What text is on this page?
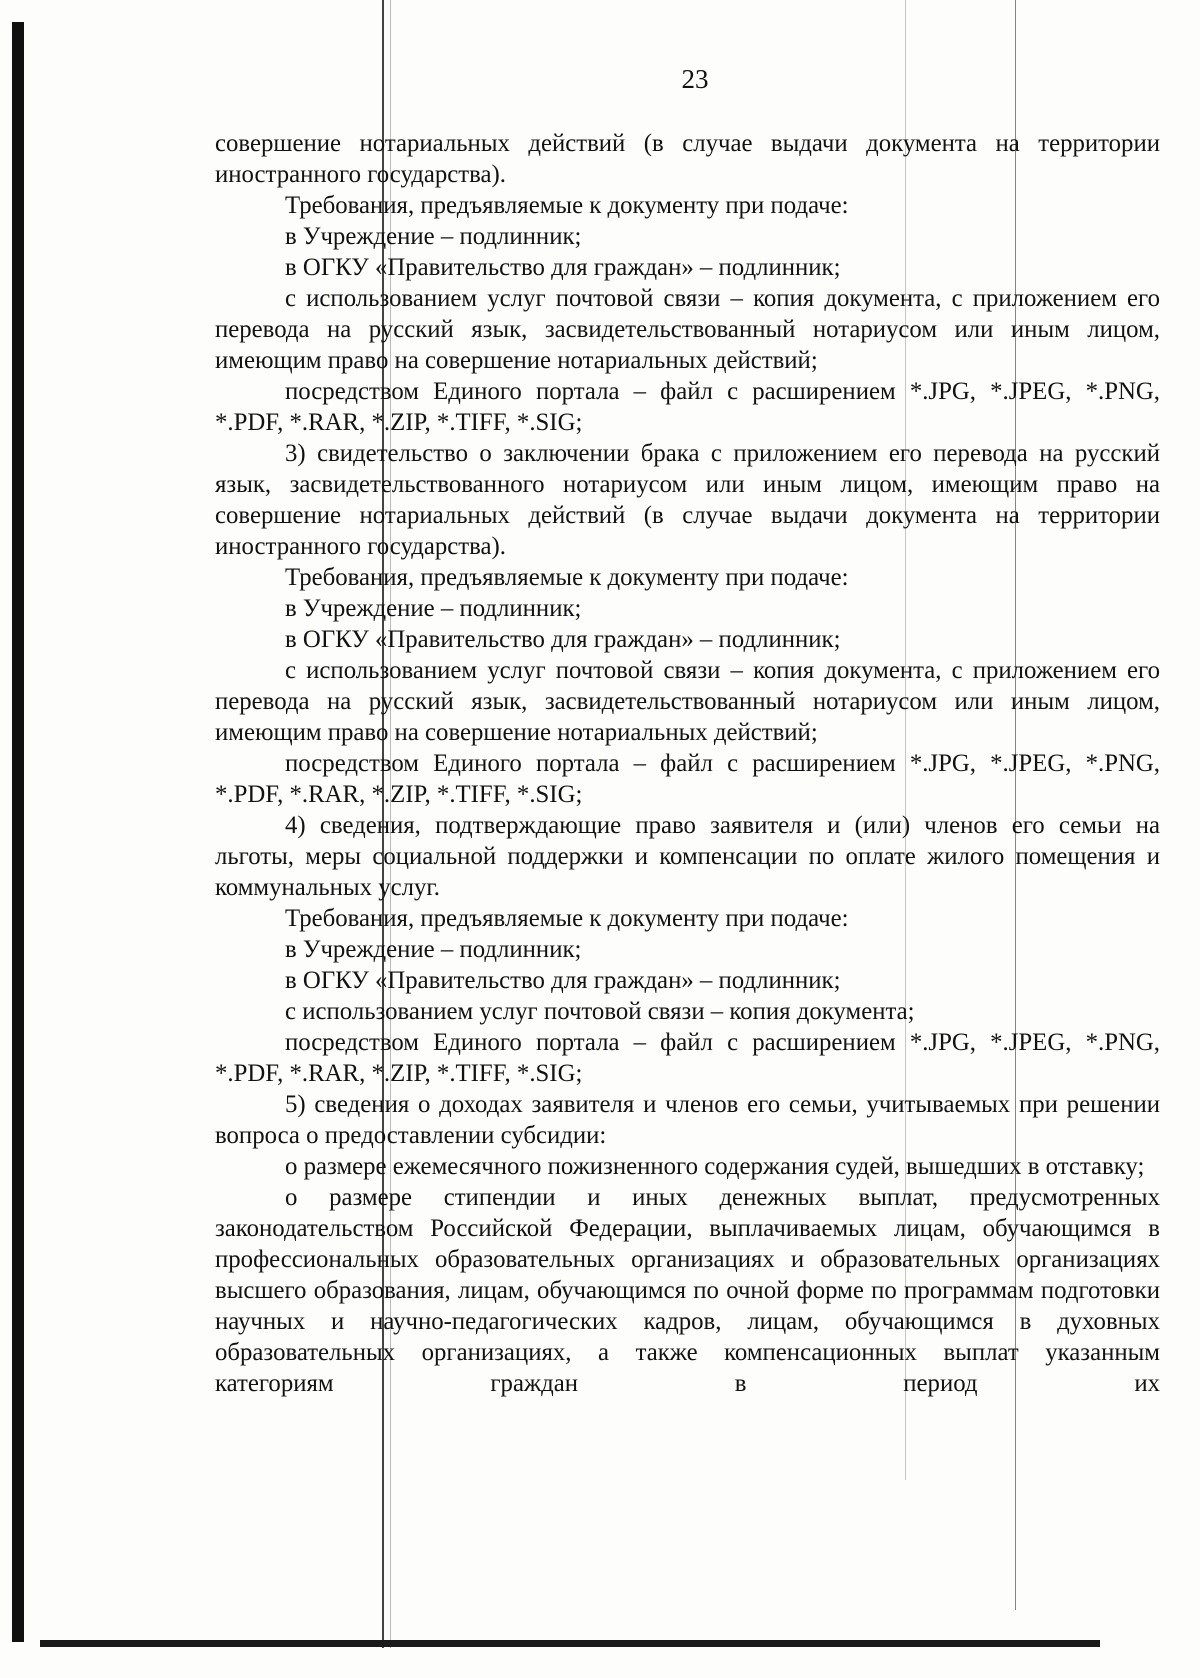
23

совершение нотариальных действий (в случае выдачи документа на территории иностранного государства).

Требования, предъявляемые к документу при подаче:

в Учреждение – подлинник;

в ОГКУ «Правительство для граждан» – подлинник;

с использованием услуг почтовой связи – копия документа, с приложением его перевода на русский язык, засвидетельствованный нотариусом или иным лицом, имеющим право на совершение нотариальных действий;

посредством Единого портала – файл с расширением *.JPG, *.JPEG, *.PNG, *.PDF, *.RAR, *.ZIP, *.TIFF, *.SIG;

3) свидетельство о заключении брака с приложением его перевода на русский язык, засвидетельствованного нотариусом или иным лицом, имеющим право на совершение нотариальных действий (в случае выдачи документа на территории иностранного государства).

Требования, предъявляемые к документу при подаче:

в Учреждение – подлинник;

в ОГКУ «Правительство для граждан» – подлинник;

с использованием услуг почтовой связи – копия документа, с приложением его перевода на русский язык, засвидетельствованный нотариусом или иным лицом, имеющим право на совершение нотариальных действий;

посредством Единого портала – файл с расширением *.JPG, *.JPEG, *.PNG, *.PDF, *.RAR, *.ZIP, *.TIFF, *.SIG;

4) сведения, подтверждающие право заявителя и (или) членов его семьи на льготы, меры социальной поддержки и компенсации по оплате жилого помещения и коммунальных услуг.

Требования, предъявляемые к документу при подаче:

в Учреждение – подлинник;

в ОГКУ «Правительство для граждан» – подлинник;

с использованием услуг почтовой связи – копия документа;

посредством Единого портала – файл с расширением *.JPG, *.JPEG, *.PNG, *.PDF, *.RAR, *.ZIP, *.TIFF, *.SIG;

5) сведения о доходах заявителя и членов его семьи, учитываемых при решении вопроса о предоставлении субсидии:

о размере ежемесячного пожизненного содержания судей, вышедших в отставку;

о размере стипендии и иных денежных выплат, предусмотренных законодательством Российской Федерации, выплачиваемых лицам, обучающимся в профессиональных образовательных организациях и образовательных организациях высшего образования, лицам, обучающимся по очной форме по программам подготовки научных и научно-педагогических кадров, лицам, обучающимся в духовных образовательных организациях, а также компенсационных выплат указанным категориям граждан в период их
